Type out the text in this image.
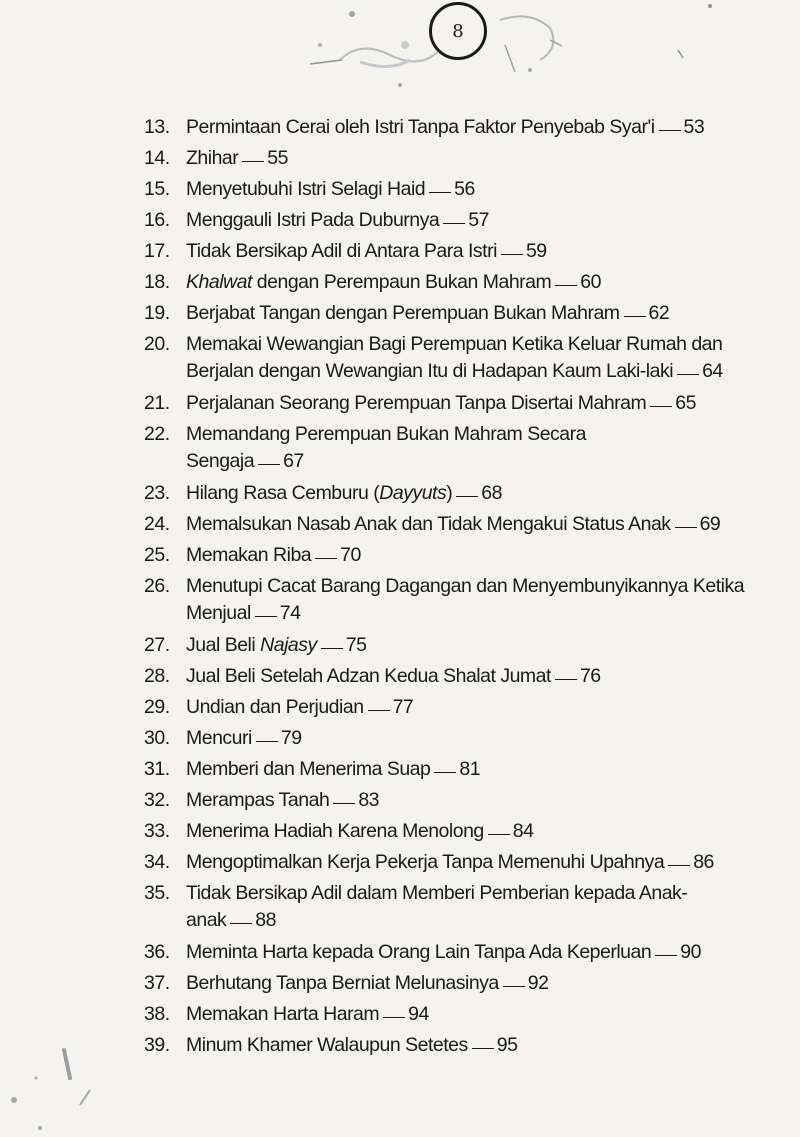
8
13. Permintaan Cerai oleh Istri Tanpa Faktor Penyebab Syar'i 53
14. Zhihar 55
15. Menyetubuhi Istri Selagi Haid 56
16. Menggauli Istri Pada Duburnya 57
17. Tidak Bersikap Adil di Antara Para Istri 59
18. Khalwat dengan Perempaun Bukan Mahram 60
19. Berjabat Tangan dengan Perempuan Bukan Mahram 62
20. Memakai Wewangian Bagi Perempuan Ketika Keluar Rumah dan
Berjalan dengan Wewangian Itu di Hadapan Kaum Laki-laki 64
21. Perjalanan Seorang Perempuan Tanpa Disertai Mahram 65
22. Memandang Perempuan Bukan Mahram Secara
Sengaja 67
23. Hilang Rasa Cemburu (Dayyuts) 68
24. Memalsukan Nasab Anak dan Tidak Mengakui Status Anak 69
25. Memakan Riba 70
26. Menutupi Cacat Barang Dagangan dan Menyembunyikannya Ketika
Menjual 74
27. Jual Beli Najasy 75
28. Jual Beli Setelah Adzan Kedua Shalat Jumat 76
29. Undian dan Perjudian 77
30. Mencuri 79
31. Memberi dan Menerima Suap 81
32. Merampas Tanah 83
33. Menerima Hadiah Karena Menolong 84
34. Mengoptimalkan Kerja Pekerja Tanpa Memenuhi Upahnya 86
35. Tidak Bersikap Adil dalam Memberi Pemberian kepada Anak-
anak 88
36. Meminta Harta kepada Orang Lain Tanpa Ada Keperluan 90
37. Berhutang Tanpa Berniat Melunasinya 92
38. Memakan Harta Haram 94
39. Minum Khamer Walaupun Setetes 95
